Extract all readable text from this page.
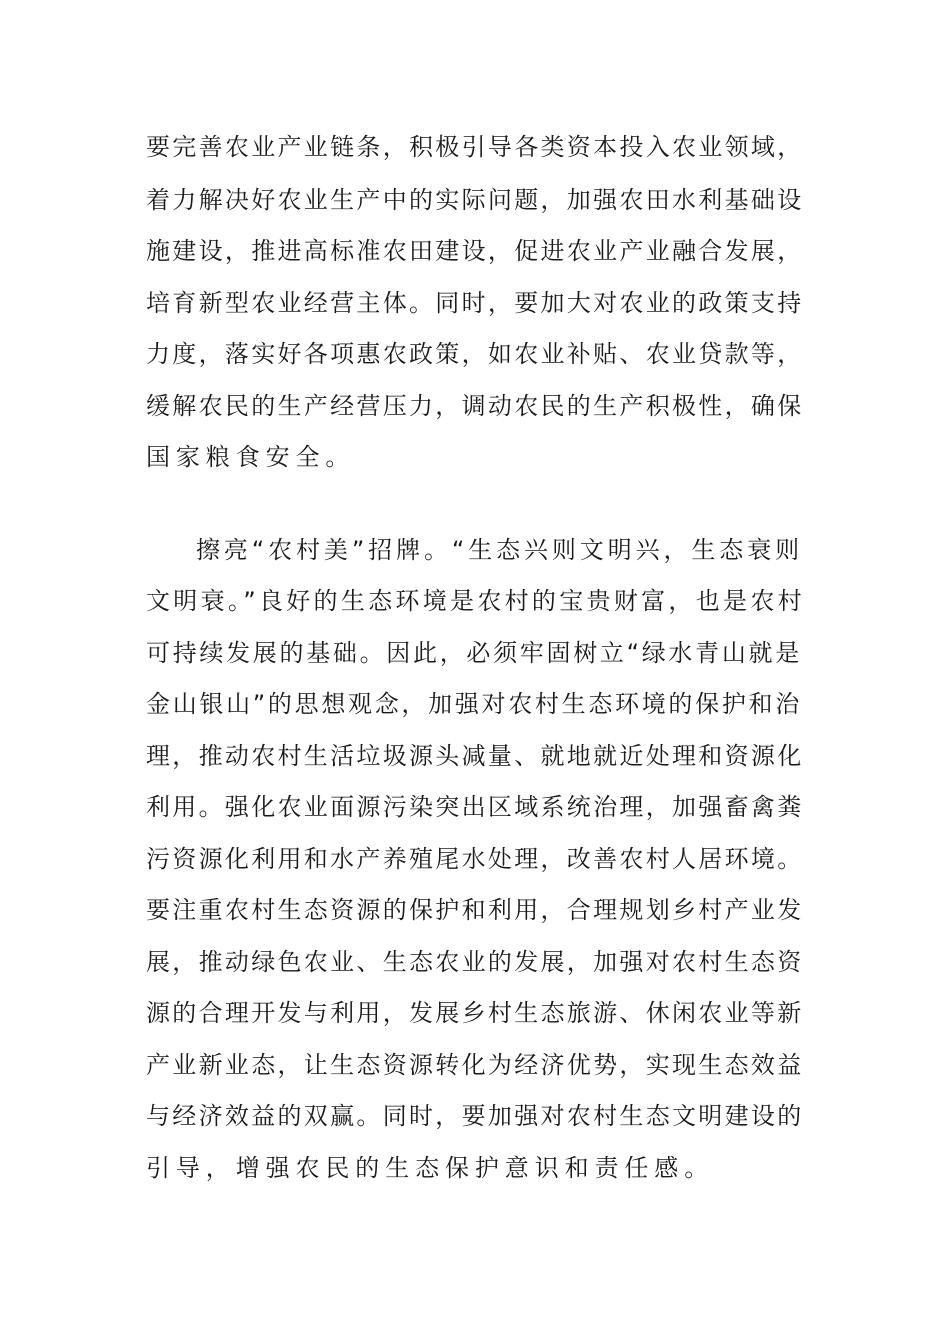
要完善农业产业链条，积极引导各类资本投入农业领域，
着力解决好农业生产中的实际问题，加强农田水利基础设
施建设，推进高标准农田建设，促进农业产业融合发展，
培育新型农业经营主体。同时，要加大对农业的政策支持
力度，落实好各项惠农政策，如农业补贴、农业贷款等，
缓解农民的生产经营压力，调动农民的生产积极性，确保
国家粮食安全。
擦亮“农村美”招牌。“生态兴则文明兴，生态衰则
文明衰。”良好的生态环境是农村的宝贵财富，也是农村
可持续发展的基础。因此，必须牢固树立“绿水青山就是
金山银山”的思想观念，加强对农村生态环境的保护和治
理，推动农村生活垃圾源头减量、就地就近处理和资源化
利用。强化农业面源污染突出区域系统治理，加强畜禽粪
污资源化利用和水产养殖尾水处理，改善农村人居环境。
要注重农村生态资源的保护和利用，合理规划乡村产业发
展，推动绿色农业、生态农业的发展，加强对农村生态资
源的合理开发与利用，发展乡村生态旅游、休闲农业等新
产业新业态，让生态资源转化为经济优势，实现生态效益
与经济效益的双赢。同时，要加强对农村生态文明建设的
引导，增强农民的生态保护意识和责任感。
